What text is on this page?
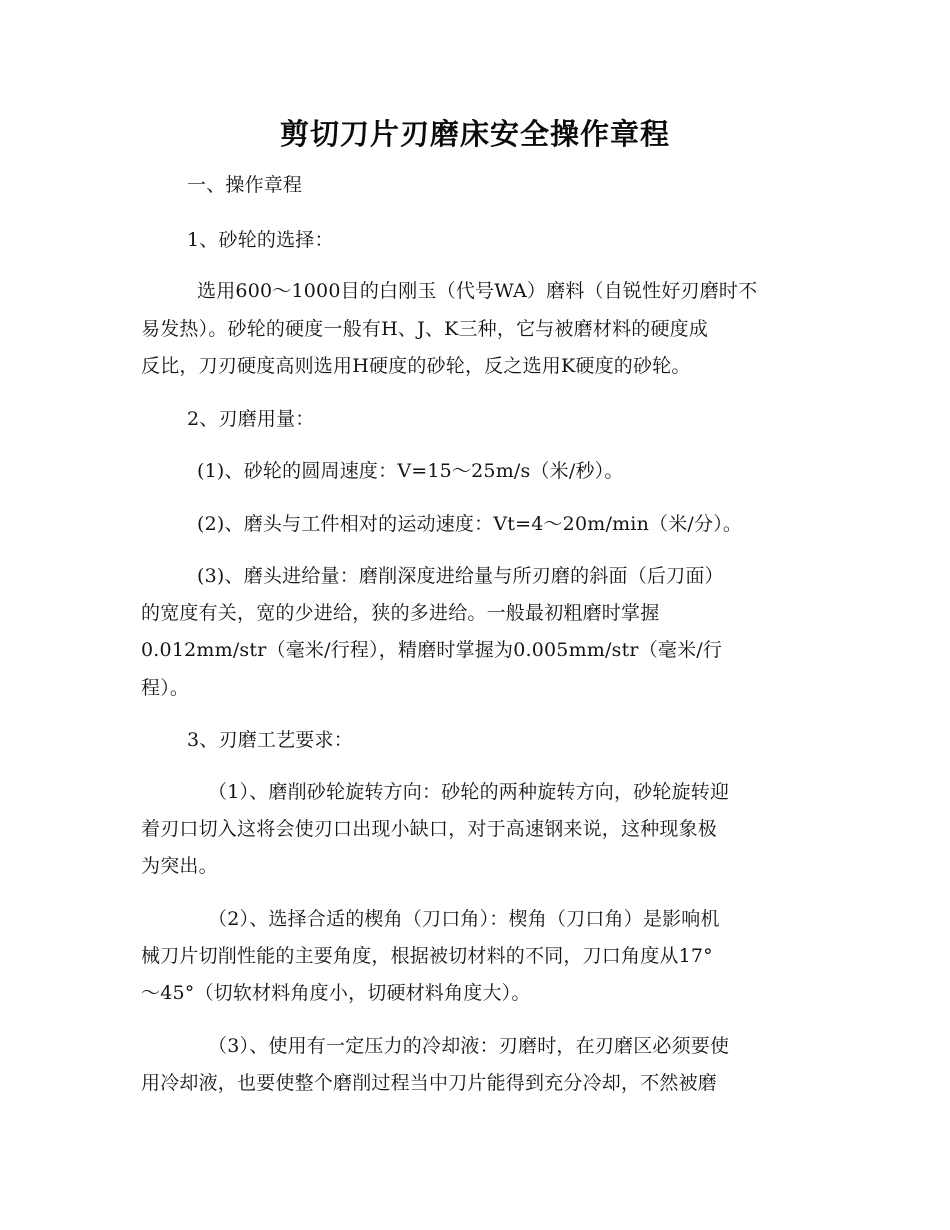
剪切刀片刃磨床安全操作章程
一、操作章程
1、砂轮的选择：
选用600～1000目的白刚玉（代号WA）磨料（自锐性好刃磨时不
易发热）。砂轮的硬度一般有H、J、K三种，它与被磨材料的硬度成
反比，刀刃硬度高则选用H硬度的砂轮，反之选用K硬度的砂轮。
2、刃磨用量：
(1)、砂轮的圆周速度：V=15～25m/s（米/秒）。
(2)、磨头与工件相对的运动速度：Vt=4～20m/min（米/分）。
(3)、磨头进给量：磨削深度进给量与所刃磨的斜面（后刀面）
的宽度有关，宽的少进给，狭的多进给。一般最初粗磨时掌握
0.012mm/str（毫米/行程），精磨时掌握为0.005mm/str（毫米/行
程）。
3、刃磨工艺要求：
（1）、磨削砂轮旋转方向：砂轮的两种旋转方向，砂轮旋转迎
着刃口切入这将会使刃口出现小缺口，对于高速钢来说，这种现象极
为突出。
（2）、选择合适的楔角（刀口角）：楔角（刀口角）是影响机
械刀片切削性能的主要角度，根据被切材料的不同，刀口角度从17°
～45°（切软材料角度小，切硬材料角度大）。
（3）、使用有一定压力的冷却液：刃磨时，在刃磨区必须要使
用冷却液，也要使整个磨削过程当中刀片能得到充分冷却，不然被磨
